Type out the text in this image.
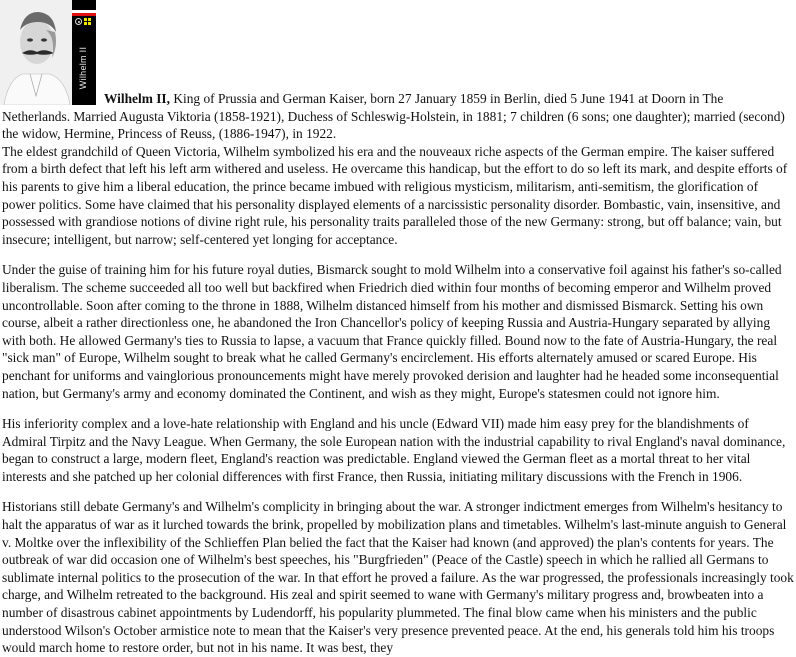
Wilhelm II

Wilhelm II, King of Prussia and German Kaiser, born 27 January 1859 in Berlin, died 5 June 1941 at Doorn in The Netherlands. Married Augusta Viktoria (1858-1921), Duchess of Schleswig-Holstein, in 1881; 7 children (6 sons; one daughter); married (second) the widow, Hermine, Princess of Reuss, (1886-1947), in 1922.

The eldest grandchild of Queen Victoria, Wilhelm symbolized his era and the nouveaux riche aspects of the German empire. The kaiser suffered from a birth defect that left his left arm withered and useless. He overcame this handicap, but the effort to do so left its mark, and despite efforts of his parents to give him a liberal education, the prince became imbued with religious mysticism, militarism, anti-semitism, the glorification of power politics. Some have claimed that his personality displayed elements of a narcissistic personality disorder. Bombastic, vain, insensitive, and possessed with grandiose notions of divine right rule, his personality traits paralleled those of the new Germany: strong, but off balance; vain, but insecure; intelligent, but narrow; self-centered yet longing for acceptance.

Under the guise of training him for his future royal duties, Bismarck sought to mold Wilhelm into a conservative foil against his father's so-called liberalism. The scheme succeeded all too well but backfired when Friedrich died within four months of becoming emperor and Wilhelm proved uncontrollable. Soon after coming to the throne in 1888, Wilhelm distanced himself from his mother and dismissed Bismarck. Setting his own course, albeit a rather directionless one, he abandoned the Iron Chancellor's policy of keeping Russia and Austria-Hungary separated by allying with both. He allowed Germany's ties to Russia to lapse, a vacuum that France quickly filled. Bound now to the fate of Austria-Hungary, the real "sick man" of Europe, Wilhelm sought to break what he called Germany's encirclement. His efforts alternately amused or scared Europe. His penchant for uniforms and vainglorious pronouncements might have merely provoked derision and laughter had he headed some inconsequential nation, but Germany's army and economy dominated the Continent, and wish as they might, Europe's statesmen could not ignore him.

His inferiority complex and a love-hate relationship with England and his uncle (Edward VII) made him easy prey for the blandishments of Admiral Tirpitz and the Navy League. When Germany, the sole European nation with the industrial capability to rival England's naval dominance, began to construct a large, modern fleet, England's reaction was predictable. England viewed the German fleet as a mortal threat to her vital interests and she patched up her colonial differences with first France, then Russia, initiating military discussions with the French in 1906.

Historians still debate Germany's and Wilhelm's complicity in bringing about the war. A stronger indictment emerges from Wilhelm's hesitancy to halt the apparatus of war as it lurched towards the brink, propelled by mobilization plans and timetables. Wilhelm's last-minute anguish to General v. Moltke over the inflexibility of the Schlieffen Plan belied the fact that the Kaiser had known (and approved) the plan's contents for years. The outbreak of war did occasion one of Wilhelm's best speeches, his "Burgfrieden" (Peace of the Castle) speech in which he rallied all Germans to sublimate internal politics to the prosecution of the war. In that effort he proved a failure. As the war progressed, the professionals increasingly took charge, and Wilhelm retreated to the background. His zeal and spirit seemed to wane with Germany's military progress and, browbeaten into a number of disastrous cabinet appointments by Ludendorff, his popularity plummeted. The final blow came when his ministers and the public understood Wilson's October armistice note to mean that the Kaiser's very presence prevented peace. At the end, his generals told him his troops would march home to restore order, but not in his name. It was best, they
